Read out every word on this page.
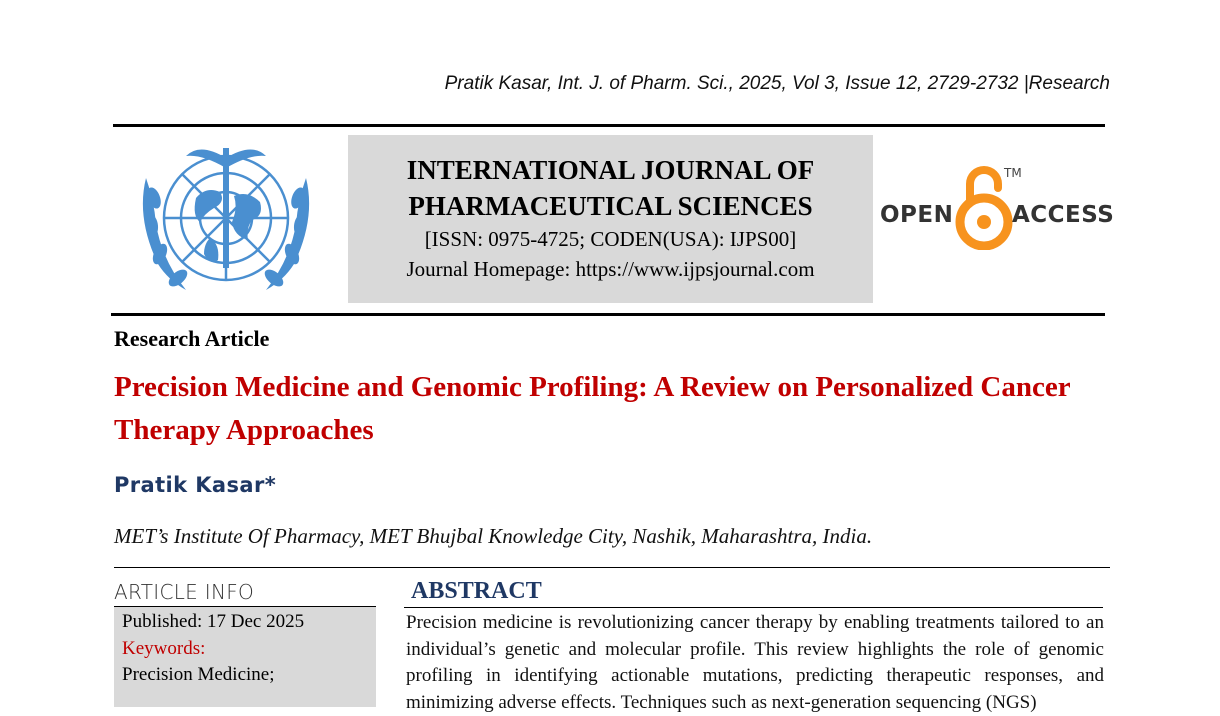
Pratik Kasar, Int. J. of Pharm. Sci., 2025, Vol 3, Issue 12, 2729-2732 |Research
INTERNATIONAL JOURNAL OF
PHARMACEUTICAL SCIENCES
[ISSN: 0975-4725; CODEN(USA): IJPS00]
Journal Homepage: https://www.ijpsjournal.com
OPEN
TM
ACCESS
Research Article
Precision Medicine and Genomic Profiling: A Review on Personalized Cancer Therapy Approaches
Pratik Kasar*
MET’s Institute Of Pharmacy, MET Bhujbal Knowledge City, Nashik, Maharashtra, India.
ARTICLE INFO
Published: 17 Dec 2025
Keywords:
Precision Medicine;
ABSTRACT
Precision medicine is revolutionizing cancer therapy by enabling treatments tailored to an individual’s genetic and molecular profile. This review highlights the role of genomic profiling in identifying actionable mutations, predicting therapeutic responses, and minimizing adverse effects. Techniques such as next-generation sequencing (NGS)
